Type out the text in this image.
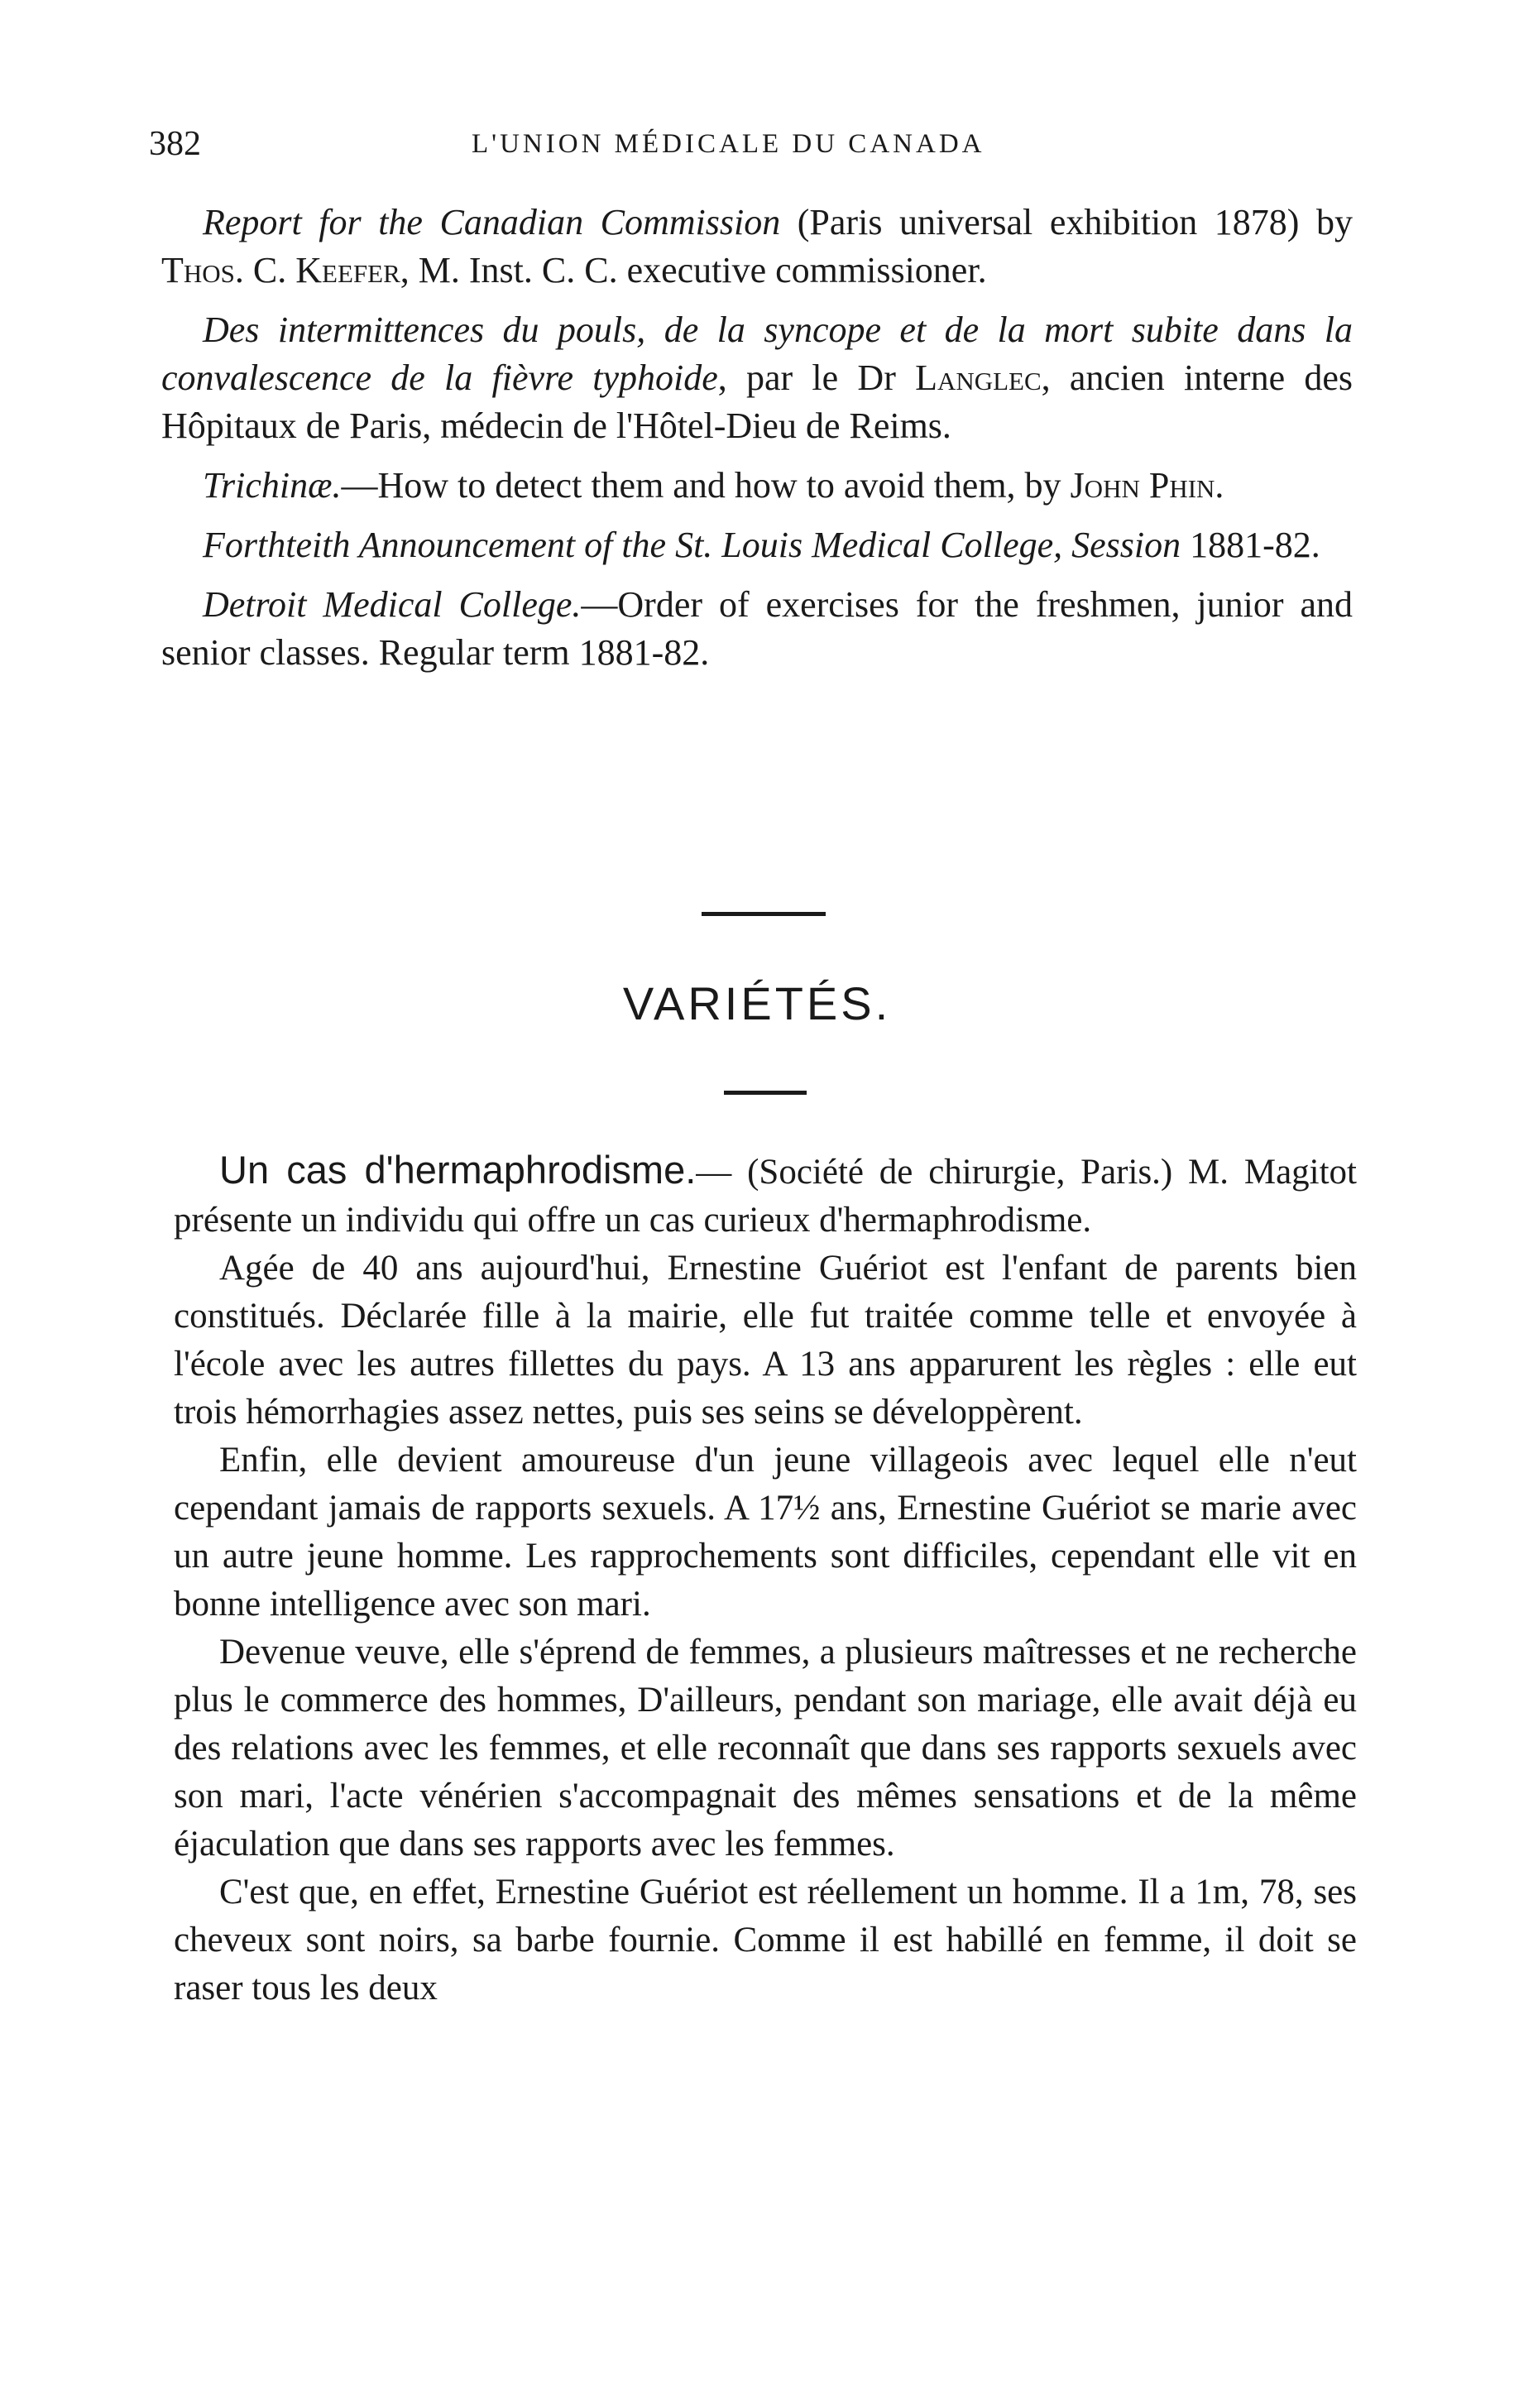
382	L'UNION MÉDICALE DU CANADA

Report for the Canadian Commission (Paris universal exhibition 1878) by Thos. C. Keefer, M. Inst. C. C. executive commissioner.

Des intermittences du pouls, de la syncope et de la mort subite dans la convalescence de la fièvre typhoide, par le Dr Langlec, ancien interne des Hôpitaux de Paris, médecin de l'Hôtel-Dieu de Reims.

Trichinæ.—How to detect them and how to avoid them, by John Phin.

Forthteith Announcement of the St. Louis Medical College, Session 1881-82.

Detroit Medical College.—Order of exercises for the freshmen, junior and senior classes. Regular term 1881-82.

VARIÉTÉS.

Un cas d'hermaphrodisme.— (Société de chirurgie, Paris.) M. Magitot présente un individu qui offre un cas curieux d'hermaphrodisme.

Agée de 40 ans aujourd'hui, Ernestine Guériot est l'enfant de parents bien constitués. Déclarée fille à la mairie, elle fut traitée comme telle et envoyée à l'école avec les autres fillettes du pays. A 13 ans apparurent les règles : elle eut trois hémorrhagies assez nettes, puis ses seins se développèrent.

Enfin, elle devient amoureuse d'un jeune villageois avec lequel elle n'eut cependant jamais de rapports sexuels. A 17½ ans, Ernestine Guériot se marie avec un autre jeune homme. Les rapprochements sont difficiles, cependant elle vit en bonne intelligence avec son mari.

Devenue veuve, elle s'éprend de femmes, a plusieurs maîtresses et ne recherche plus le commerce des hommes, D'ailleurs, pendant son mariage, elle avait déjà eu des relations avec les femmes, et elle reconnaît que dans ses rapports sexuels avec son mari, l'acte vénérien s'accompagnait des mêmes sensations et de la même éjaculation que dans ses rapports avec les femmes.

C'est que, en effet, Ernestine Guériot est réellement un homme. Il a 1m, 78, ses cheveux sont noirs, sa barbe fournie. Comme il est habillé en femme, il doit se raser tous les deux
